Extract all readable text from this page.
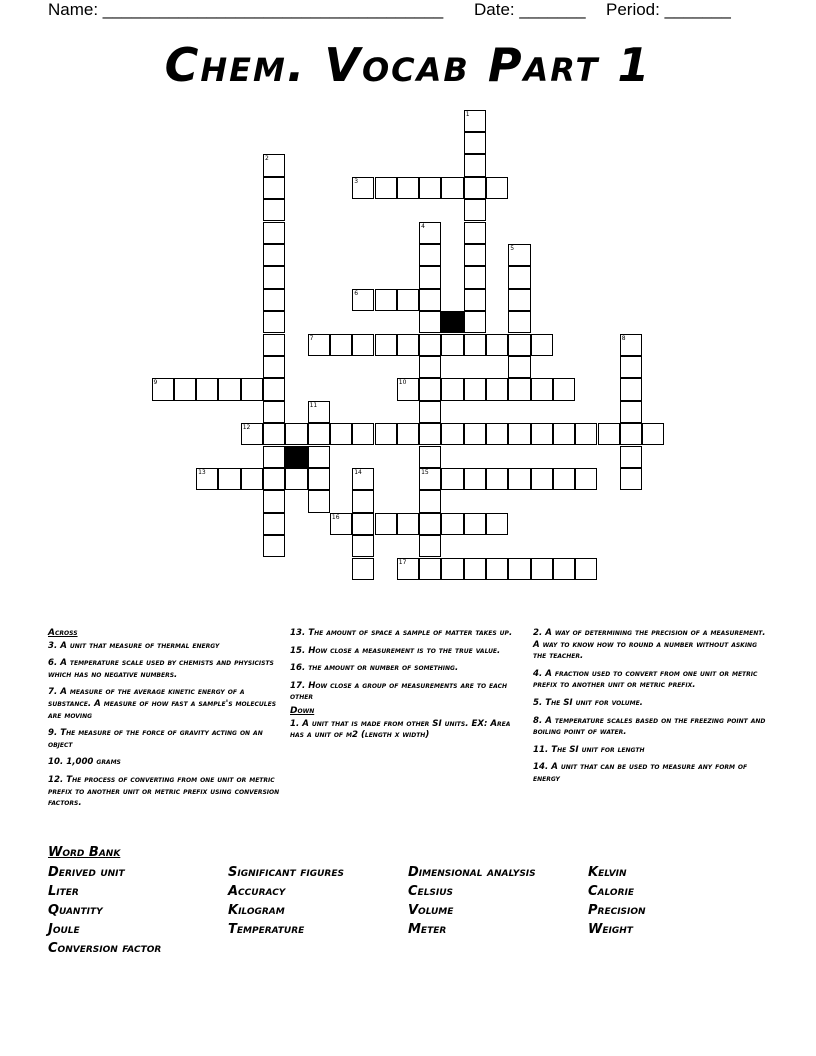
Name: ____________________________________ Date: _______ Period: _______
Chem. Vocab Part 1
1
2
3
4
5
6
7	8
9	10
11
12
13	14	15
16
17
Across

3. A unit that measure of thermal energy

6. A temperature scale used by chemists and physicists which has no negative numbers.

7. A measure of the average kinetic energy of a substance. A measure of how fast a sample's molecules are moving

9. The measure of the force of gravity acting on an object

10. 1,000 grams

12. The process of converting from one unit or metric prefix to another unit or metric prefix using conversion factors.

13. The amount of space a sample of matter takes up.

15. How close a measurement is to the true value.

16. the amount or number of something.

17. How close a group of measurements are to each other

Down

1. A unit that is made from other SI units. EX: Area has a unit of m2 (length x width)

2. A way of determining the precision of a measurement. A way to know how to round a number without asking the teacher.

4. A fraction used to convert from one unit or metric prefix to another unit or metric prefix.

5. The SI unit for volume.

8. A temperature scales based on the freezing point and boiling point of water.

11. The SI unit for length

14. A unit that can be used to measure any form of energy

Word Bank
Derived unit
Liter
Quantity
Joule
Conversion factor
Significant figures
Accuracy
Kilogram
Temperature
Dimensional analysis
Celsius
Volume
Meter
Kelvin
Calorie
Precision
Weight
